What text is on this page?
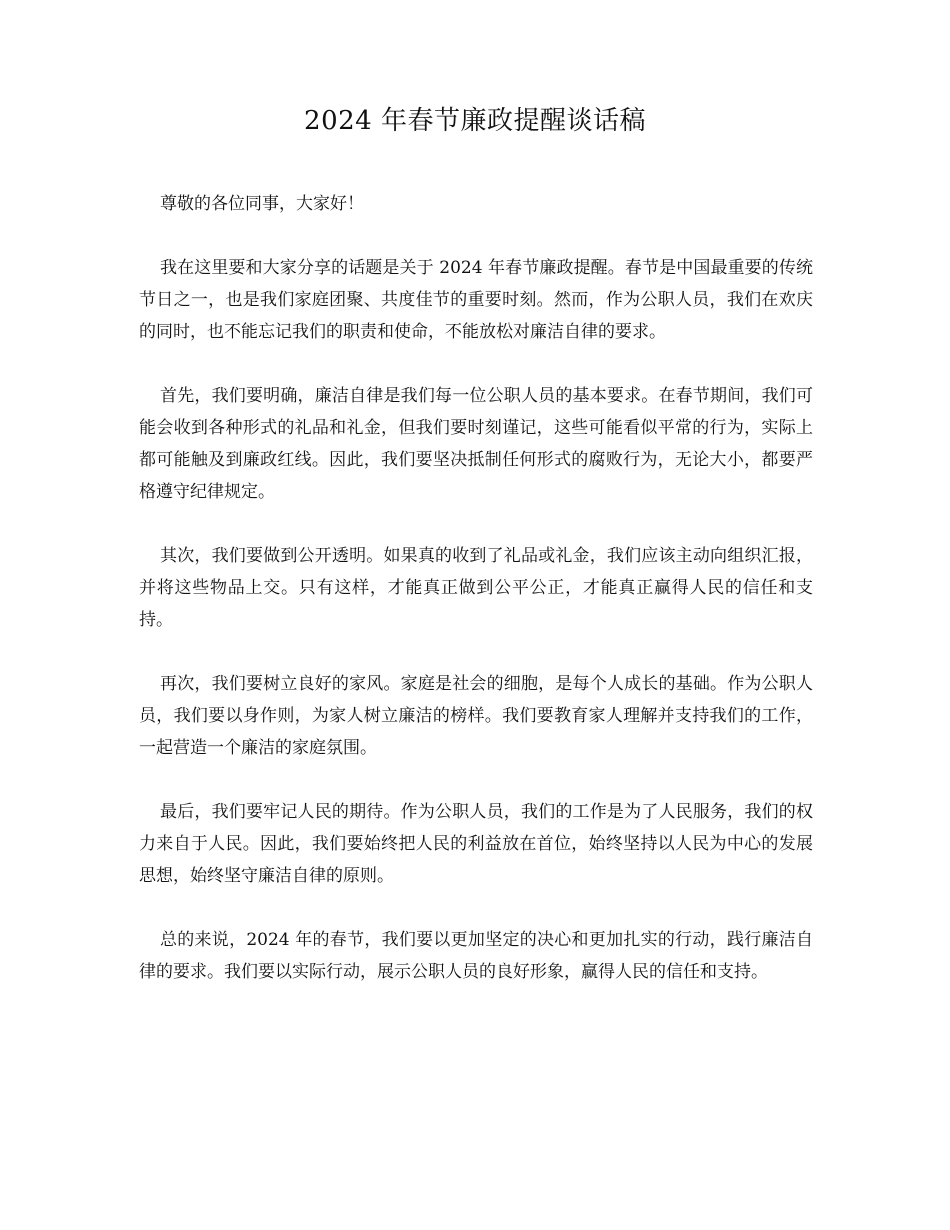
2024 年春节廉政提醒谈话稿

尊敬的各位同事，大家好！

我在这里要和大家分享的话题是关于 2024 年春节廉政提醒。春节是中国最重要的传统节日之一，也是我们家庭团聚、共度佳节的重要时刻。然而，作为公职人员，我们在欢庆的同时，也不能忘记我们的职责和使命，不能放松对廉洁自律的要求。

首先，我们要明确，廉洁自律是我们每一位公职人员的基本要求。在春节期间，我们可能会收到各种形式的礼品和礼金，但我们要时刻谨记，这些可能看似平常的行为，实际上都可能触及到廉政红线。因此，我们要坚决抵制任何形式的腐败行为，无论大小，都要严格遵守纪律规定。

其次，我们要做到公开透明。如果真的收到了礼品或礼金，我们应该主动向组织汇报，并将这些物品上交。只有这样，才能真正做到公平公正，才能真正赢得人民的信任和支持。

再次，我们要树立良好的家风。家庭是社会的细胞，是每个人成长的基础。作为公职人员，我们要以身作则，为家人树立廉洁的榜样。我们要教育家人理解并支持我们的工作，一起营造一个廉洁的家庭氛围。

最后，我们要牢记人民的期待。作为公职人员，我们的工作是为了人民服务，我们的权力来自于人民。因此，我们要始终把人民的利益放在首位，始终坚持以人民为中心的发展思想，始终坚守廉洁自律的原则。

总的来说，2024 年的春节，我们要以更加坚定的决心和更加扎实的行动，践行廉洁自律的要求。我们要以实际行动，展示公职人员的良好形象，赢得人民的信任和支持。
